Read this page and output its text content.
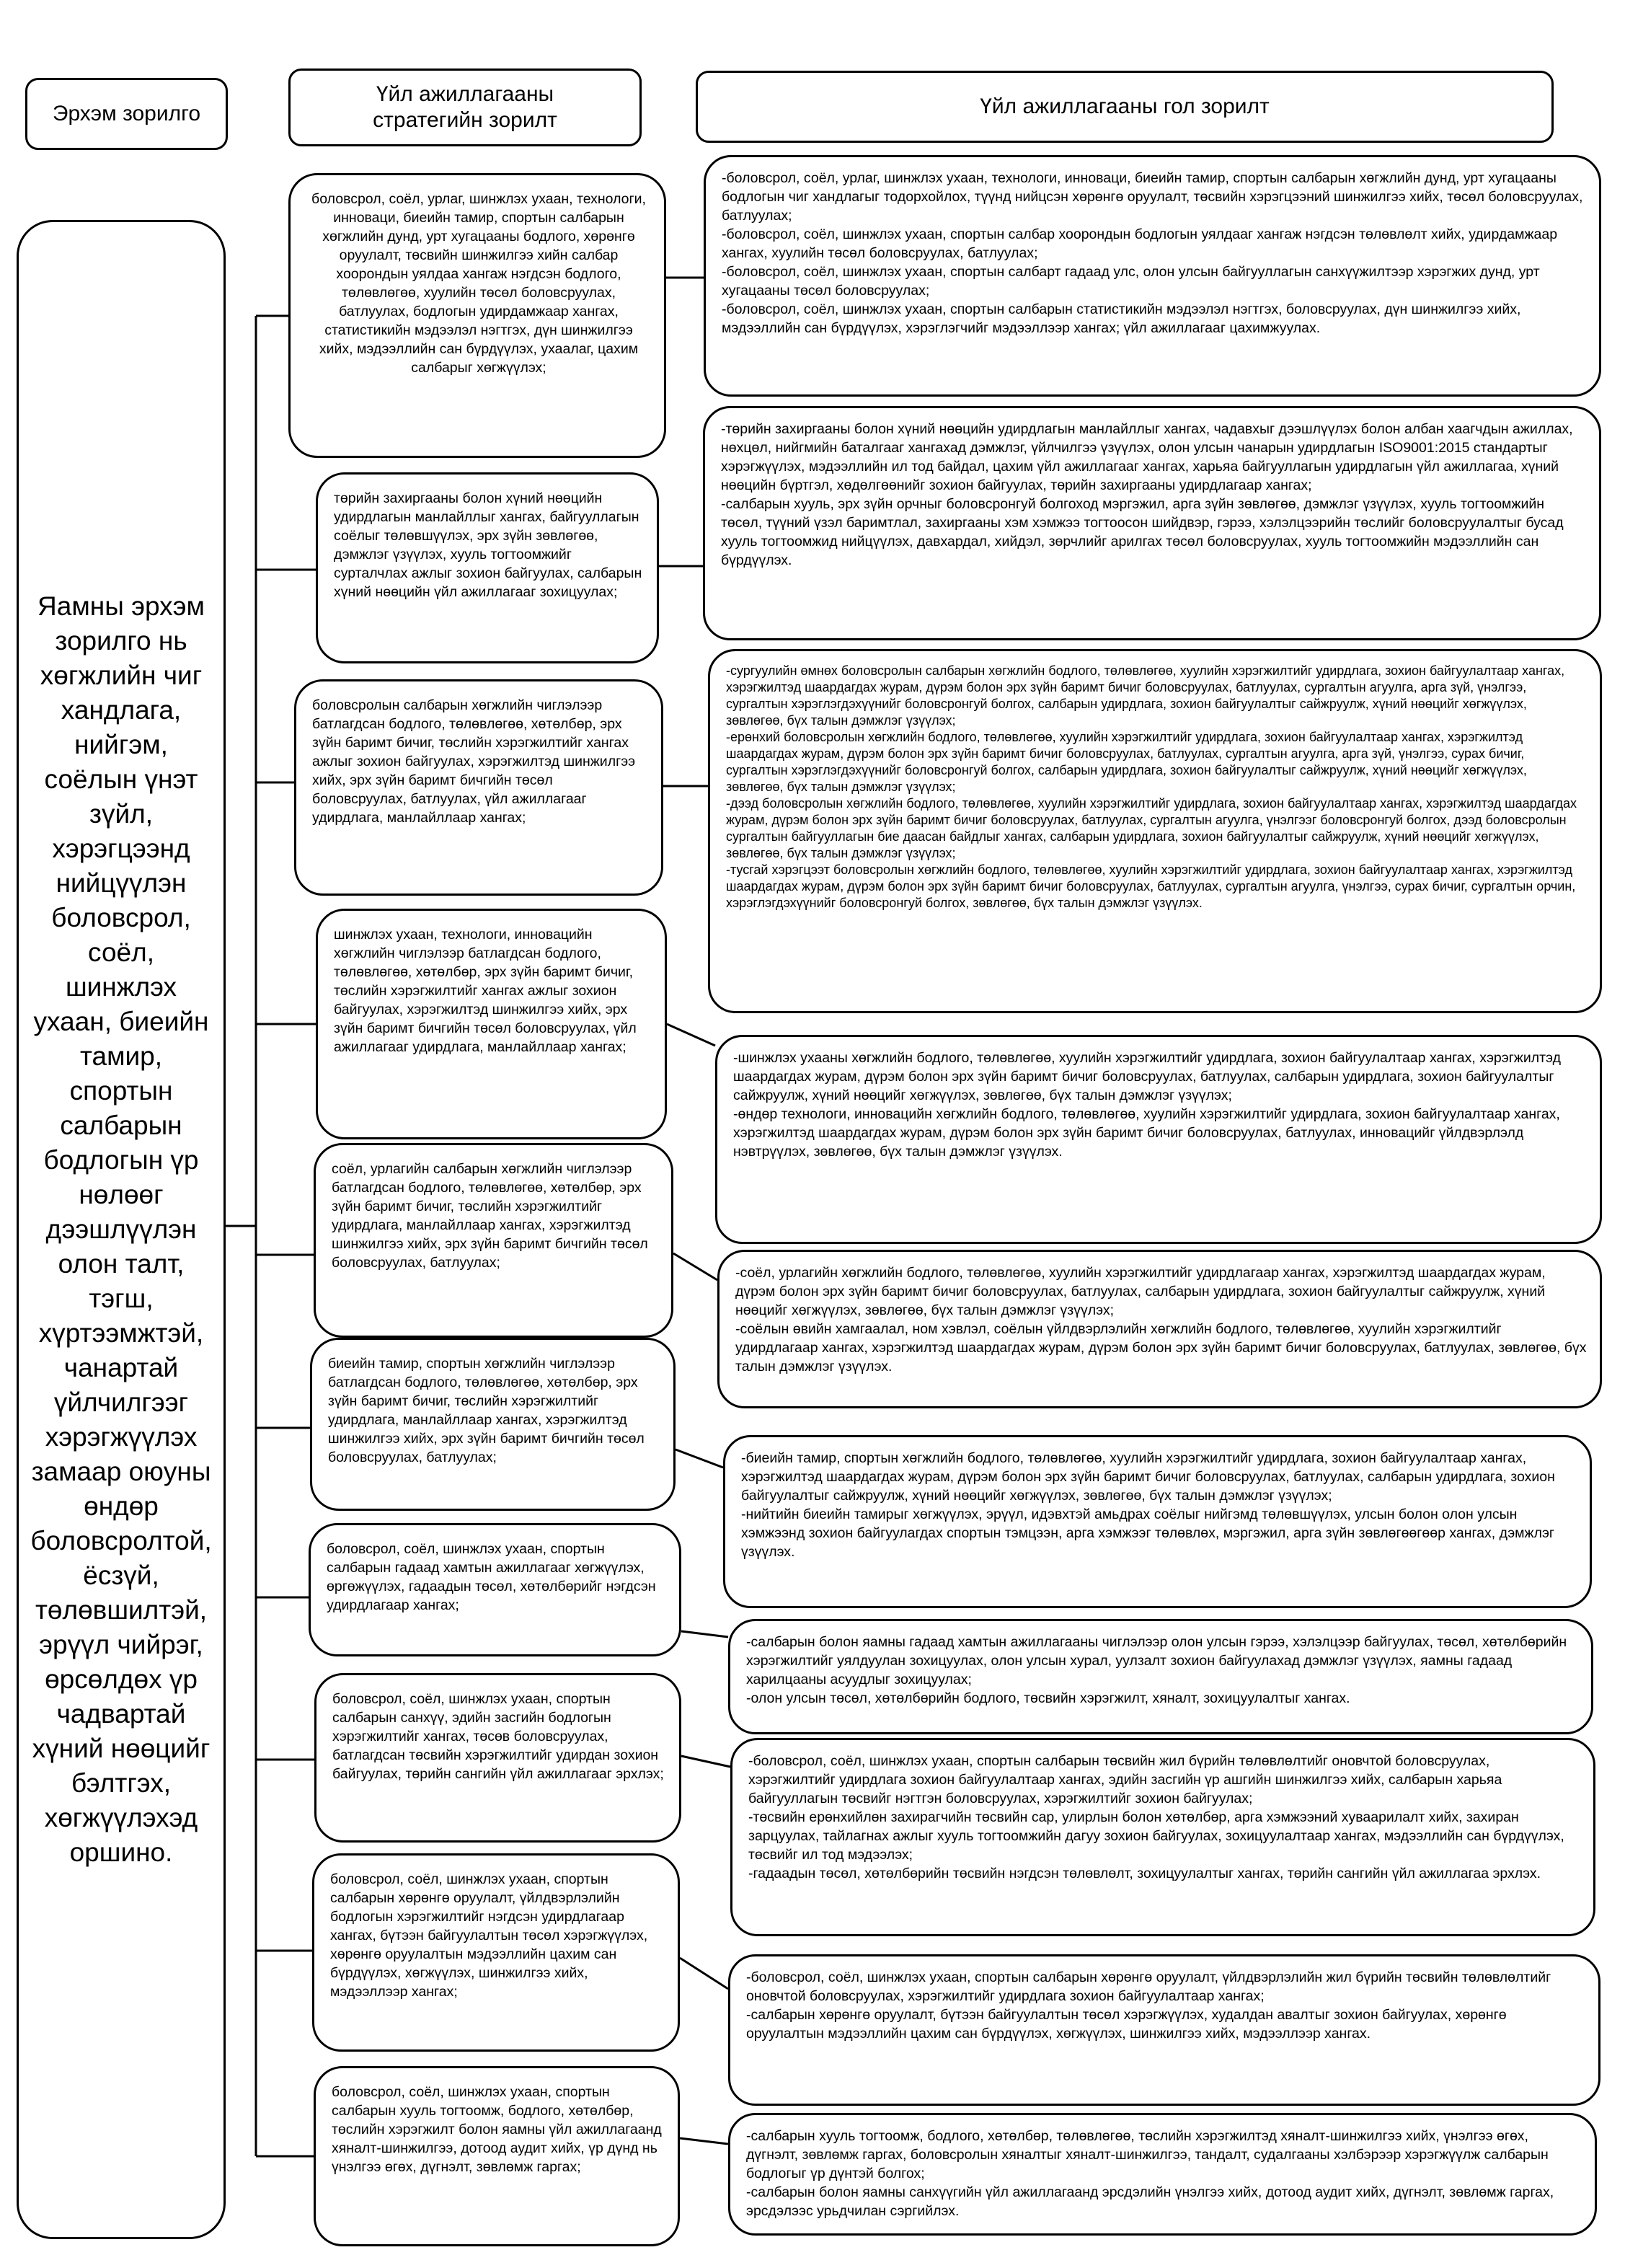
Эрхэм зорилго
Үйл ажиллагааны
стратегийн зорилт
Үйл ажиллагааны гол зорилт
Яамны эрхэм зорилго нь хөгжлийн чиг хандлага, нийгэм, соёлын үнэт зүйл, хэрэгцээнд нийцүүлэн боловсрол, соёл, шинжлэх ухаан, биеийн тамир, спортын салбарын бодлогын үр нөлөөг дээшлүүлэн олон талт, тэгш, хүртээмжтэй, чанартай үйлчилгээг хэрэгжүүлэх замаар оюуны өндөр боловсролтой, ёсзүй, төлөвшилтэй, эрүүл чийрэг, өрсөлдөх үр чадвартай хүний нөөцийг бэлтгэх, хөгжүүлэхэд оршино.
боловсрол, соёл, урлаг, шинжлэх ухаан, технологи, инноваци, биеийн тамир, спортын салбарын хөгжлийн дунд, урт хугацааны бодлого, хөрөнгө оруулалт, төсвийн шинжилгээ хийн салбар хоорондын уялдаа хангаж нэгдсэн бодлого, төлөвлөгөө, хуулийн төсөл боловсруулах, батлуулах, бодлогын удирдамжаар хангах, статистикийн мэдээлэл нэгтгэх, дүн шинжилгээ хийх, мэдээллийн сан бүрдүүлэх, ухаалаг, цахим салбарыг хөгжүүлэх;
төрийн захиргааны болон хүний нөөцийн удирдлагын манлайллыг хангах, байгууллагын соёлыг төлөвшүүлэх, эрх зүйн зөвлөгөө, дэмжлэг үзүүлэх, хууль тогтоомжийг сурталчлах ажлыг зохион байгуулах, салбарын хүний нөөцийн үйл ажиллагааг зохицуулах;
боловсролын салбарын хөгжлийн чиглэлээр батлагдсан бодлого, төлөвлөгөө, хөтөлбөр, эрх зүйн баримт бичиг, төслийн хэрэгжилтийг хангах ажлыг зохион байгуулах, хэрэгжилтэд шинжилгээ хийх, эрх зүйн баримт бичгийн төсөл боловсруулах, батлуулах, үйл ажиллагааг удирдлага, манлайллаар хангах;
шинжлэх ухаан, технологи, инновацийн хөгжлийн чиглэлээр батлагдсан бодлого, төлөвлөгөө, хөтөлбөр, эрх зүйн баримт бичиг, төслийн хэрэгжилтийг хангах ажлыг зохион байгуулах, хэрэгжилтэд шинжилгээ хийх, эрх зүйн баримт бичгийн төсөл боловсруулах, үйл ажиллагааг удирдлага, манлайллаар хангах;
соёл, урлагийн салбарын хөгжлийн чиглэлээр батлагдсан бодлого, төлөвлөгөө, хөтөлбөр, эрх зүйн баримт бичиг, төслийн хэрэгжилтийг удирдлага, манлайллаар хангах, хэрэгжилтэд шинжилгээ хийх, эрх зүйн баримт бичгийн төсөл боловсруулах, батлуулах;
биеийн тамир, спортын хөгжлийн чиглэлээр батлагдсан бодлого, төлөвлөгөө, хөтөлбөр, эрх зүйн баримт бичиг, төслийн хэрэгжилтийг удирдлага, манлайллаар хангах, хэрэгжилтэд шинжилгээ хийх, эрх зүйн баримт бичгийн төсөл боловсруулах, батлуулах;
боловсрол, соёл, шинжлэх ухаан, спортын салбарын гадаад хамтын ажиллагааг хөгжүүлэх, өргөжүүлэх, гадаадын төсөл, хөтөлбөрийг нэгдсэн удирдлагаар хангах;
боловсрол, соёл, шинжлэх ухаан, спортын салбарын санхүү, эдийн засгийн бодлогын хэрэгжилтийг хангах, төсөв боловсруулах, батлагдсан төсвийн хэрэгжилтийг удирдан зохион байгуулах, төрийн сангийн үйл ажиллагааг эрхлэх;
боловсрол, соёл, шинжлэх ухаан, спортын салбарын хөрөнгө оруулалт, үйлдвэрлэлийн бодлогын хэрэгжилтийг нэгдсэн удирдлагаар хангах, бүтээн байгуулалтын төсөл хэрэгжүүлэх, хөрөнгө оруулалтын мэдээллийн цахим сан бүрдүүлэх, хөгжүүлэх, шинжилгээ хийх, мэдээллээр хангах;
боловсрол, соёл, шинжлэх ухаан, спортын салбарын хууль тогтоомж, бодлого, хөтөлбөр, төслийн хэрэгжилт болон яамны үйл ажиллагаанд хяналт-шинжилгээ, дотоод аудит хийх, үр дүнд нь үнэлгээ өгөх, дүгнэлт, зөвлөмж гаргах;
-боловсрол, соёл, урлаг, шинжлэх ухаан, технологи, инноваци, биеийн тамир, спортын салбарын хөгжлийн дунд, урт хугацааны бодлогын чиг хандлагыг тодорхойлох, түүнд нийцсэн хөрөнгө оруулалт, төсвийн хэрэгцээний шинжилгээ хийх, төсөл боловсруулах, батлуулах;
-боловсрол, соёл, шинжлэх ухаан, спортын салбар хоорондын бодлогын уялдааг хангаж нэгдсэн төлөвлөлт хийх, удирдамжаар хангах, хуулийн төсөл боловсруулах, батлуулах;
-боловсрол, соёл, шинжлэх ухаан, спортын салбарт гадаад улс, олон улсын байгууллагын санхүүжилтээр хэрэгжих дунд, урт хугацааны төсөл боловсруулах;
-боловсрол, соёл, шинжлэх ухаан, спортын салбарын статистикийн мэдээлэл нэгтгэх, боловсруулах, дүн шинжилгээ хийх, мэдээллийн сан бүрдүүлэх, хэрэглэгчийг мэдээллээр хангах; үйл ажиллагааг цахимжуулах.
-төрийн захиргааны болон хүний нөөцийн удирдлагын манлайллыг хангах, чадавхыг дээшлүүлэх болон албан хаагчдын ажиллах, нөхцөл, нийгмийн баталгааг хангахад дэмжлэг, үйлчилгээ үзүүлэх, олон улсын чанарын удирдлагын ISO9001:2015 стандартыг хэрэгжүүлэх, мэдээллийн ил тод байдал, цахим үйл ажиллагааг хангах, харьяа байгууллагын удирдлагын үйл ажиллагаа, хүний нөөцийн бүртгэл, хөдөлгөөнийг зохион байгуулах, төрийн захиргааны удирдлагаар хангах;
-салбарын хууль, эрх зүйн орчныг боловсронгуй болгоход мэргэжил, арга зүйн зөвлөгөө, дэмжлэг үзүүлэх, хууль тогтоомжийн төсөл, түүний үзэл баримтлал, захиргааны хэм хэмжээ тогтоосон шийдвэр, гэрээ, хэлэлцээрийн төслийг боловсруулалтыг бусад хууль тогтоомжид нийцүүлэх, давхардал, хийдэл, зөрчлийг арилгах төсөл боловсруулах, хууль тогтоомжийн мэдээллийн сан бүрдүүлэх.
-сургуулийн өмнөх боловсролын салбарын хөгжлийн бодлого, төлөвлөгөө, хуулийн хэрэгжилтийг удирдлага, зохион байгуулалтаар хангах, хэрэгжилтэд шаардагдах журам, дүрэм болон эрх зүйн баримт бичиг боловсруулах, батлуулах, сургалтын агуулга, арга зүй, үнэлгээ, сургалтын хэрэглэгдэхүүнийг боловсронгуй болгох, салбарын удирдлага, зохион байгуулалтыг сайжруулж, хүний нөөцийг хөгжүүлэх, зөвлөгөө, бүх талын дэмжлэг үзүүлэх;
-ерөнхий боловсролын хөгжлийн бодлого, төлөвлөгөө, хуулийн хэрэгжилтийг удирдлага, зохион байгуулалтаар хангах, хэрэгжилтэд шаардагдах журам, дүрэм болон эрх зүйн баримт бичиг боловсруулах, батлуулах, сургалтын агуулга, арга зүй, үнэлгээ, сурах бичиг, сургалтын хэрэглэгдэхүүнийг боловсронгуй болгох, салбарын удирдлага, зохион байгуулалтыг сайжруулж, хүний нөөцийг хөгжүүлэх, зөвлөгөө, бүх талын дэмжлэг үзүүлэх;
-дээд боловсролын хөгжлийн бодлого, төлөвлөгөө, хуулийн хэрэгжилтийг удирдлага, зохион байгуулалтаар хангах, хэрэгжилтэд шаардагдах журам, дүрэм болон эрх зүйн баримт бичиг боловсруулах, батлуулах, сургалтын агуулга, үнэлгээг боловсронгуй болгох, дээд боловсролын сургалтын байгууллагын бие даасан байдлыг хангах, салбарын удирдлага, зохион байгуулалтыг сайжруулж, хүний нөөцийг хөгжүүлэх, зөвлөгөө, бүх талын дэмжлэг үзүүлэх;
-тусгай хэрэгцээт боловсролын хөгжлийн бодлого, төлөвлөгөө, хуулийн хэрэгжилтийг удирдлага, зохион байгуулалтаар хангах, хэрэгжилтэд шаардагдах журам, дүрэм болон эрх зүйн баримт бичиг боловсруулах, батлуулах, сургалтын агуулга, үнэлгээ, сурах бичиг, сургалтын орчин, хэрэглэгдэхүүнийг боловсронгуй болгох, зөвлөгөө, бүх талын дэмжлэг үзүүлэх.
-шинжлэх ухааны хөгжлийн бодлого, төлөвлөгөө, хуулийн хэрэгжилтийг удирдлага, зохион байгуулалтаар хангах, хэрэгжилтэд шаардагдах журам, дүрэм болон эрх зүйн баримт бичиг боловсруулах, батлуулах, салбарын удирдлага, зохион байгуулалтыг сайжруулж, хүний нөөцийг хөгжүүлэх, зөвлөгөө, бүх талын дэмжлэг үзүүлэх;
-өндөр технологи, инновацийн хөгжлийн бодлого, төлөвлөгөө, хуулийн хэрэгжилтийг удирдлага, зохион байгуулалтаар хангах, хэрэгжилтэд шаардагдах журам, дүрэм болон эрх зүйн баримт бичиг боловсруулах, батлуулах, инновацийг үйлдвэрлэлд нэвтрүүлэх, зөвлөгөө, бүх талын дэмжлэг үзүүлэх.
-соёл, урлагийн хөгжлийн бодлого, төлөвлөгөө, хуулийн хэрэгжилтийг удирдлагаар хангах, хэрэгжилтэд шаардагдах журам, дүрэм болон эрх зүйн баримт бичиг боловсруулах, батлуулах, салбарын удирдлага, зохион байгуулалтыг сайжруулж, хүний нөөцийг хөгжүүлэх, зөвлөгөө, бүх талын дэмжлэг үзүүлэх;
-соёлын өвийн хамгаалал, ном хэвлэл, соёлын үйлдвэрлэлийн хөгжлийн бодлого, төлөвлөгөө, хуулийн хэрэгжилтийг удирдлагаар хангах, хэрэгжилтэд шаардагдах журам, дүрэм болон эрх зүйн баримт бичиг боловсруулах, батлуулах, зөвлөгөө, бүх талын дэмжлэг үзүүлэх.
-биеийн тамир, спортын хөгжлийн бодлого, төлөвлөгөө, хуулийн хэрэгжилтийг удирдлага, зохион байгуулалтаар хангах, хэрэгжилтэд шаардагдах журам, дүрэм болон эрх зүйн баримт бичиг боловсруулах, батлуулах, салбарын удирдлага, зохион байгуулалтыг сайжруулж, хүний нөөцийг хөгжүүлэх, зөвлөгөө, бүх талын дэмжлэг үзүүлэх;
-нийтийн биеийн тамирыг хөгжүүлэх, эрүүл, идэвхтэй амьдрах соёлыг нийгэмд төлөвшүүлэх, улсын болон олон улсын хэмжээнд зохион байгуулагдах спортын тэмцээн, арга хэмжээг төлөвлөх, мэргэжил, арга зүйн зөвлөгөөгөөр хангах, дэмжлэг үзүүлэх.
-салбарын болон яамны гадаад хамтын ажиллагааны чиглэлээр олон улсын гэрээ, хэлэлцээр байгуулах, төсөл, хөтөлбөрийн хэрэгжилтийг уялдуулан зохицуулах, олон улсын хурал, уулзалт зохион байгуулахад дэмжлэг үзүүлэх, яамны гадаад харилцааны асуудлыг зохицуулах;
-олон улсын төсөл, хөтөлбөрийн бодлого, төсвийн хэрэгжилт, хяналт, зохицуулалтыг хангах.
-боловсрол, соёл, шинжлэх ухаан, спортын салбарын төсвийн жил бүрийн төлөвлөлтийг оновчтой боловсруулах, хэрэгжилтийг удирдлага зохион байгуулалтаар хангах, эдийн засгийн үр ашгийн шинжилгээ хийх, салбарын харьяа байгууллагын төсвийг нэгтгэн боловсруулах, хэрэгжилтийг зохион байгуулах;
-төсвийн ерөнхийлөн захирагчийн төсвийн сар, улирлын болон хөтөлбөр, арга хэмжээний хуваарилалт хийх, захиран зарцуулах, тайлагнах ажлыг хууль тогтоомжийн дагуу зохион байгуулах, зохицуулалтаар хангах, мэдээллийн сан бүрдүүлэх, төсвийг ил тод мэдээлэх;
-гадаадын төсөл, хөтөлбөрийн төсвийн нэгдсэн төлөвлөлт, зохицуулалтыг хангах, төрийн сангийн үйл ажиллагаа эрхлэх.
-боловсрол, соёл, шинжлэх ухаан, спортын салбарын хөрөнгө оруулалт, үйлдвэрлэлийн жил бүрийн төсвийн төлөвлөлтийг оновчтой боловсруулах, хэрэгжилтийг удирдлага зохион байгуулалтаар хангах;
-салбарын хөрөнгө оруулалт, бүтээн байгуулалтын төсөл хэрэгжүүлэх, худалдан авалтыг зохион байгуулах, хөрөнгө оруулалтын мэдээллийн цахим сан бүрдүүлэх, хөгжүүлэх, шинжилгээ хийх, мэдээллээр хангах.
-салбарын хууль тогтоомж, бодлого, хөтөлбөр, төлөвлөгөө, төслийн хэрэгжилтэд хяналт-шинжилгээ хийх, үнэлгээ өгөх, дүгнэлт, зөвлөмж гаргах, боловсролын хяналтыг хяналт-шинжилгээ, тандалт, судалгааны хэлбэрээр хэрэгжүүлж салбарын бодлогыг үр дүнтэй болгох;
-салбарын болон яамны санхүүгийн үйл ажиллагаанд эрсдэлийн үнэлгээ хийх, дотоод аудит хийх, дүгнэлт, зөвлөмж гаргах, эрсдэлээс урьдчилан сэргийлэх.
